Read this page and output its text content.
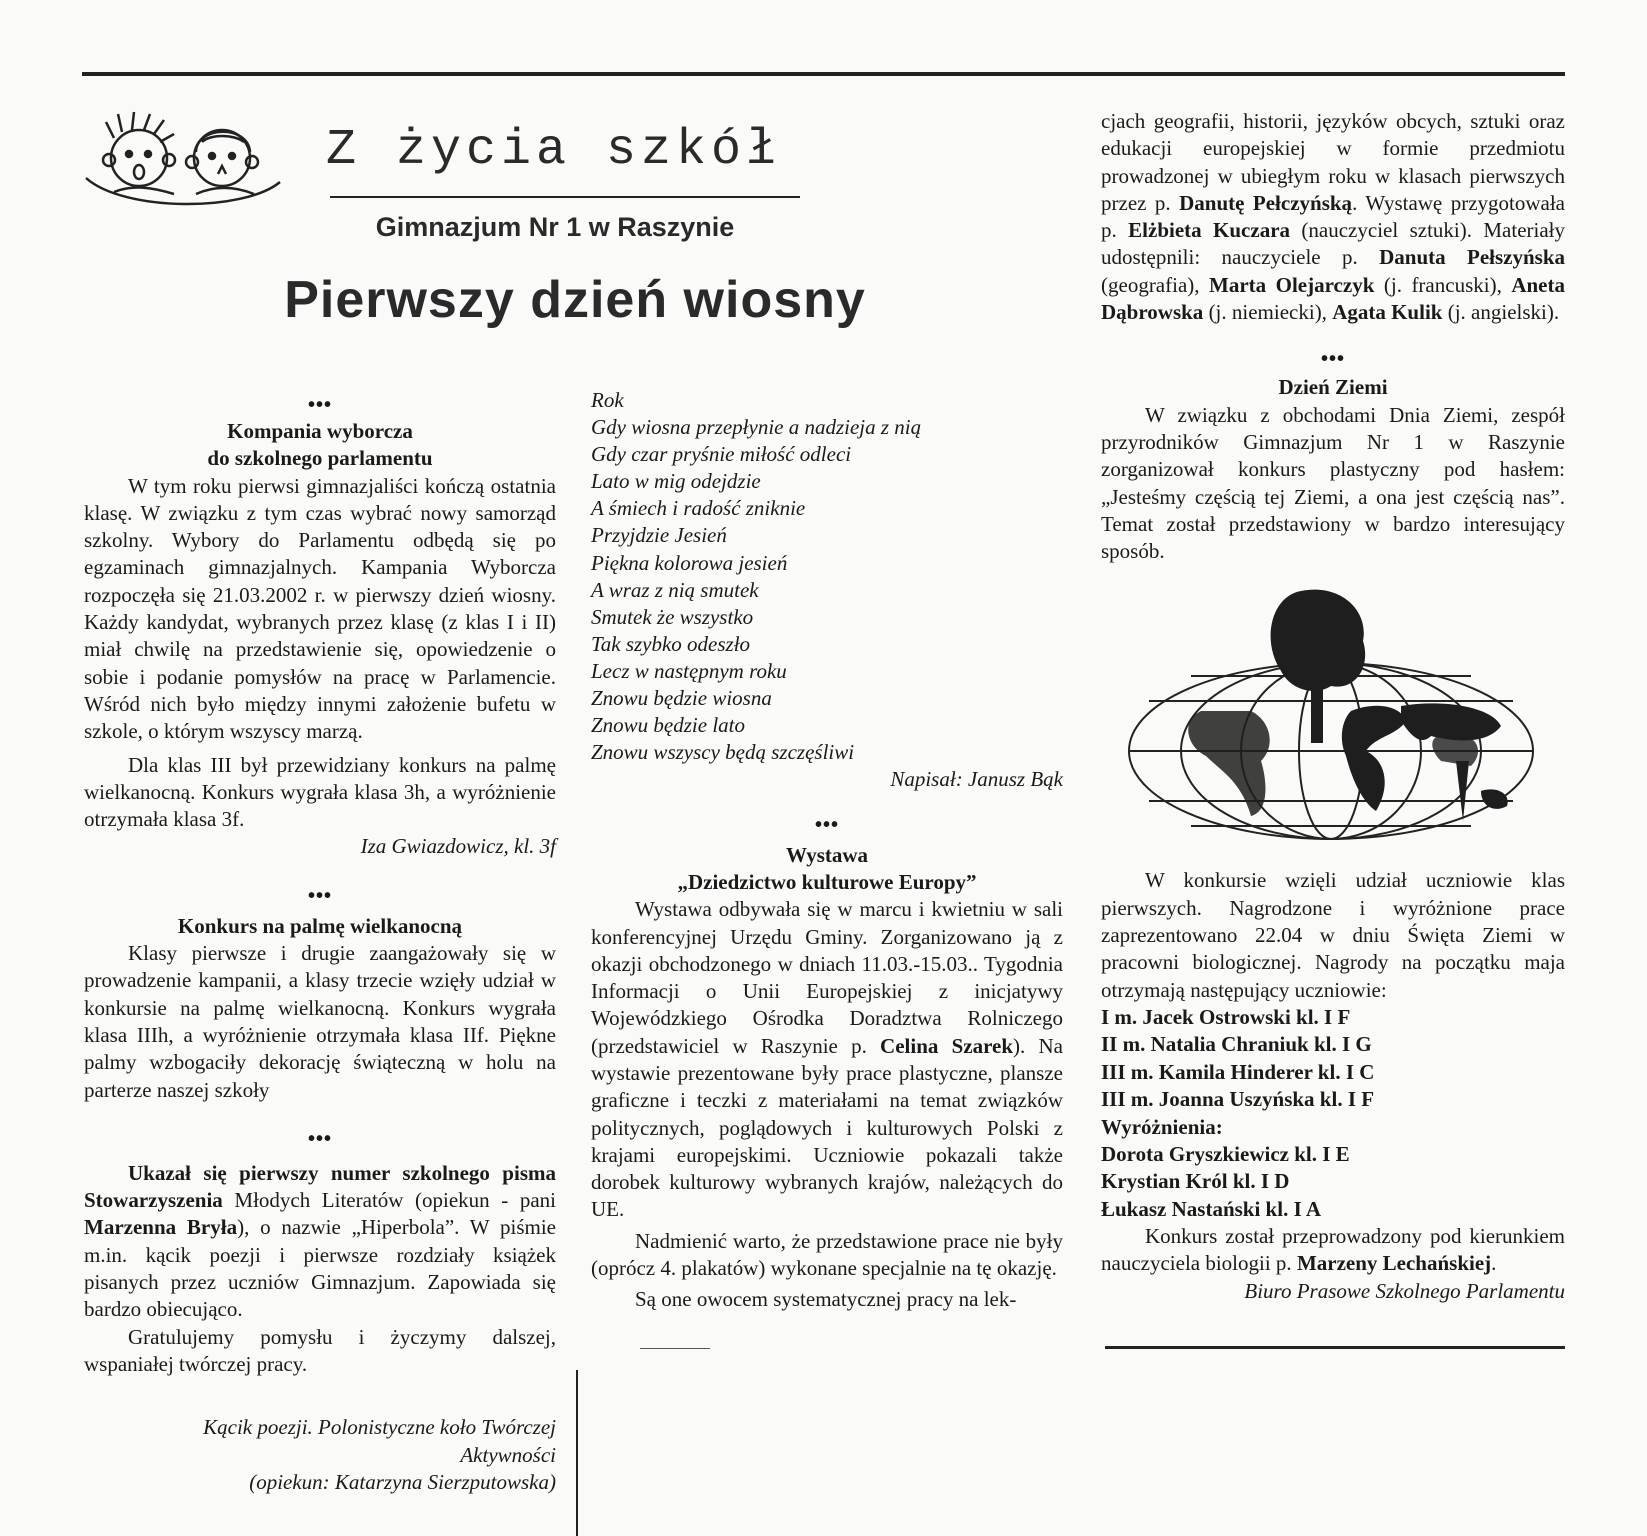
Z życia szkół
Gimnazjum Nr 1 w Raszynie
Pierwszy dzień wiosny
•••
Kompania wyborcza
do szkolnego parlamentu

W tym roku pierwsi gimnazjaliści kończą ostatnia klasę. W związku z tym czas wybrać nowy samorząd szkolny. Wybory do Parlamentu odbędą się po egzaminach gimnazjalnych. Kampania Wyborcza rozpoczęła się 21.03.2002 r. w pierwszy dzień wiosny. Każdy kandydat, wybranych przez klasę (z klas I i II) miał chwilę na przedstawienie się, opowiedzenie o sobie i podanie pomysłów na pracę w Parlamencie. Wśród nich było między innymi założenie bufetu w szkole, o którym wszyscy marzą.

Dla klas III był przewidziany konkurs na palmę wielkanocną. Konkurs wygrała klasa 3h, a wyróżnienie otrzymała klasa 3f.

Iza Gwiazdowicz, kl. 3f
•••
Konkurs na palmę wielkanocną

Klasy pierwsze i drugie zaangażowały się w prowadzenie kampanii, a klasy trzecie wzięły udział w konkursie na palmę wielkanocną. Konkurs wygrała klasa IIIh, a wyróżnienie otrzymała klasa IIf. Piękne palmy wzbogaciły dekorację świąteczną w holu na parterze naszej szkoły

•••

Ukazał się pierwszy numer szkolnego pisma Stowarzyszenia Młodych Literatów (opiekun - pani Marzenna Bryła), o nazwie „Hiperbola”. W piśmie m.in. kącik poezji i pierwsze rozdziały książek pisanych przez uczniów Gimnazjum. Zapowiada się bardzo obiecująco.

Gratulujemy pomysłu i życzymy dalszej, wspaniałej twórczej pracy.

Kącik poezji. Polonistyczne koło Twórczej Aktywności
(opiekun: Katarzyna Sierzputowska)
Rok
Gdy wiosna przepłynie a nadzieja z nią
Gdy czar pryśnie miłość odleci
Lato w mig odejdzie
A śmiech i radość zniknie
Przyjdzie Jesień
Piękna kolorowa jesień
A wraz z nią smutek
Smutek że wszystko
Tak szybko odeszło
Lecz w następnym roku
Znowu będzie wiosna
Znowu będzie lato
Znowu wszyscy będą szczęśliwi
Napisał: Janusz Bąk
•••
Wystawa
„Dziedzictwo kulturowe Europy”

Wystawa odbywała się w marcu i kwietniu w sali konferencyjnej Urzędu Gminy. Zorganizowano ją z okazji obchodzonego w dniach 11.03.-15.03.. Tygodnia Informacji o Unii Europejskiej z inicjatywy Wojewódzkiego Ośrodka Doradztwa Rolniczego (przedstawiciel w Raszynie p. Celina Szarek). Na wystawie prezentowane były prace plastyczne, plansze graficzne i teczki z materiałami na temat związków politycznych, poglądowych i kulturowych Polski z krajami europejskimi. Uczniowie pokazali także dorobek kulturowy wybranych krajów, należących do UE.

Nadmienić warto, że przedstawione prace nie były (oprócz 4. plakatów) wykonane specjalnie na tę okazję.

Są one owocem systematycznej pracy na lek-

cjach geografii, historii, języków obcych, sztuki oraz edukacji europejskiej w formie przedmiotu prowadzonej w ubiegłym roku w klasach pierwszych przez p. Danutę Pełczyńską. Wystawę przygotowała p. Elżbieta Kuczara (nauczyciel sztuki). Materiały udostępnili: nauczyciele p. Danuta Pełszyńska (geografia), Marta Olejarczyk (j. francuski), Aneta Dąbrowska (j. niemiecki), Agata Kulik (j. angielski).

•••
Dzień Ziemi

W związku z obchodami Dnia Ziemi, zespół przyrodników Gimnazjum Nr 1 w Raszynie zorganizował konkurs plastyczny pod hasłem: „Jesteśmy częścią tej Ziemi, a ona jest częścią nas”. Temat został przedstawiony w bardzo interesujący sposób.

W konkursie wzięli udział uczniowie klas pierwszych. Nagrodzone i wyróżnione prace zaprezentowano 22.04 w dniu Święta Ziemi w pracowni biologicznej. Nagrody na początku maja otrzymają następujący uczniowie:

I m. Jacek Ostrowski kl. I F
II m. Natalia Chraniuk kl. I G
III m. Kamila Hinderer kl. I C
III m. Joanna Uszyńska kl. I F
Wyróżnienia:
Dorota Gryszkiewicz kl. I E
Krystian Król kl. I D
Łukasz Nastański kl. I A

Konkurs został przeprowadzony pod kierunkiem nauczyciela biologii p. Marzeny Lechańskiej.

Biuro Prasowe Szkolnego Parlamentu
